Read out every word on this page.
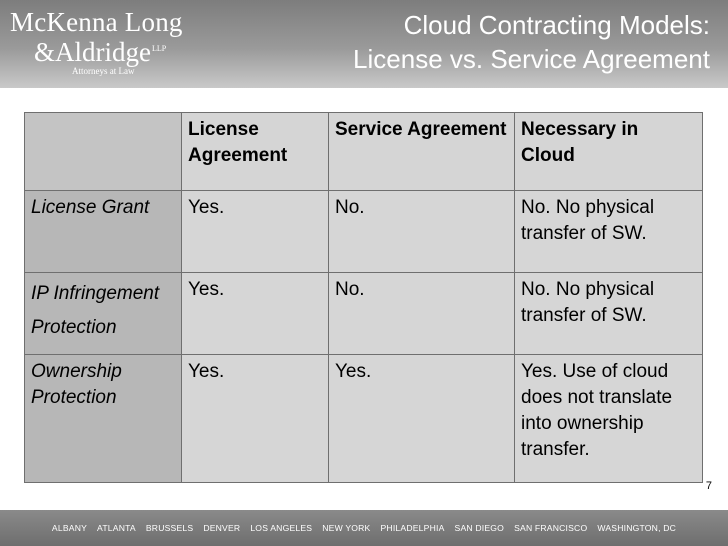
McKenna Long
&Aldridge$^{LLP}$
Attorneys at Law
Cloud Contracting Models:
License vs. Service Agreement
	License Agreement	Service Agreement	Necessary in Cloud
License Grant	Yes.	No.	No. No physical transfer of SW.
IP Infringement Protection	Yes.	No.	No. No physical transfer of SW.
Ownership Protection	Yes.	Yes.	Yes. Use of cloud does not translate into ownership transfer.
7
ALBANY ATLANTA BRUSSELS DENVER LOS ANGELES NEW YORK PHILADELPHIA SAN DIEGO SAN FRANCISCO WASHINGTON, DC
